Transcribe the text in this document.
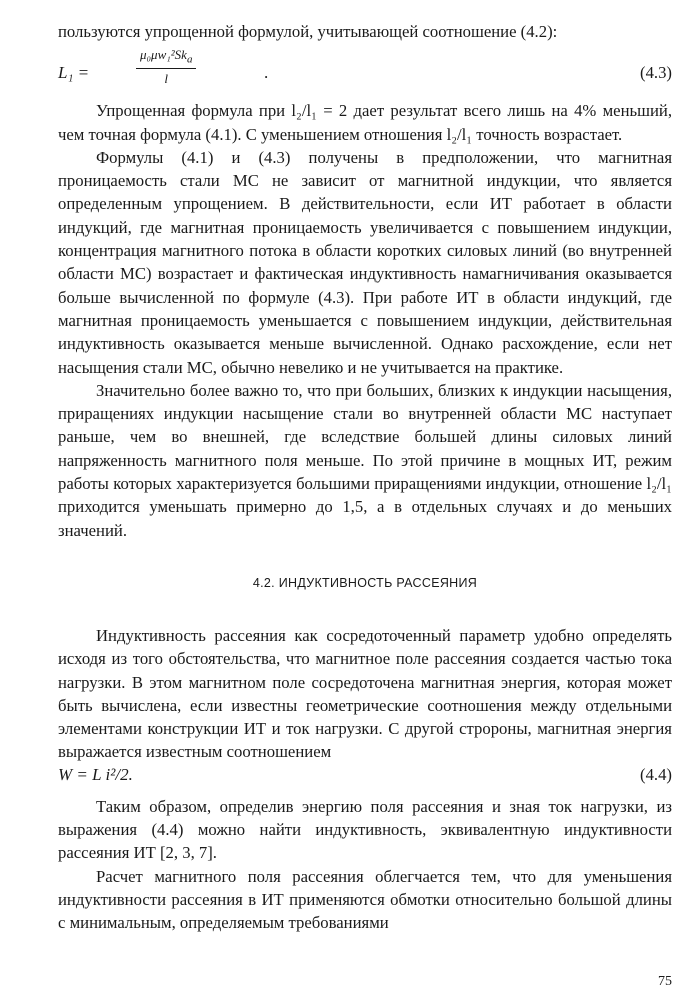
пользуются упрощенной формулой, учитывающей соотношение (4.2):

L₁ =
$\mu_0\mu w_1^2Sk_a$
l	.	(4.3)

Упрощенная формула при l₂/l₁ = 2 дает результат всего лишь на 4% меньший, чем точная формула (4.1). С уменьшением отношения l₂/l₁ точность возрастает.

Формулы (4.1) и (4.3) получены в предположении, что магнитная проницаемость стали МС не зависит от магнитной индукции, что является определенным упрощением. В действительности, если ИТ работает в области индукций, где магнитная проницаемость увеличивается с повышением индукции, концентрация магнитного потока в области коротких силовых линий (во внутренней области МС) возрастает и фактическая индуктивность намагничивания оказывается больше вычисленной по формуле (4.3). При работе ИТ в области индукций, где магнитная проницаемость уменьшается с повышением индукции, действительная индуктивность оказывается меньше вычисленной. Однако расхождение, если нет насыщения стали МС, обычно невелико и не учитывается на практике.

Значительно более важно то, что при больших, близких к индукции насыщения, приращениях индукции насыщение стали во внутренней области МС наступает раньше, чем во внешней, где вследствие большей длины силовых линий напряженность магнитного поля меньше. По этой причине в мощных ИТ, режим работы которых характеризуется большими приращениями индукции, отношение l₂/l₁ приходится уменьшать примерно до 1,5, а в отдельных случаях и до меньших значений.

4.2. ИНДУКТИВНОСТЬ РАССЕЯНИЯ

Индуктивность рассеяния как сосредоточенный параметр удобно определять исходя из того обстоятельства, что магнитное поле рассеяния создается частью тока нагрузки. В этом магнитном поле сосредоточена магнитная энергия, которая может быть вычислена, если известны геометрические соотношения между отдельными элементами конструкции ИТ и ток нагрузки. С другой стророны, магнитная энергия выражается известным соотношением

W = L i²/2.	(4.4)

Таким образом, определив энергию поля рассеяния и зная ток нагрузки, из выражения (4.4) можно найти индуктивность, эквивалентную индуктивности рассеяния ИТ [2, 3, 7].

Расчет магнитного поля рассеяния облегчается тем, что для уменьшения индуктивности рассеяния в ИТ применяются обмотки относительно большой длины с минимальным, определяемым требованиями

75
